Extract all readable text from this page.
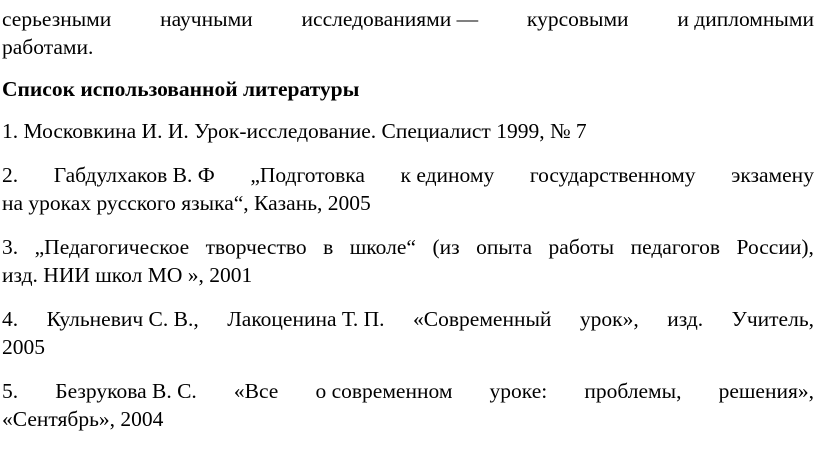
серьезными научными исследованиями — курсовыми и дипломными
работами.
Список использованной литературы
1. Московкина И. И. Урок-исследование. Специалист 1999, № 7
2. Габдулхаков В. Ф „Подготовка к единому государственному экзамену
на уроках русского языка“, Казань, 2005
3. „Педагогическое творчество в школе“ (из опыта работы педагогов России),
изд. НИИ школ МО », 2001
4. Кульневич С. В., Лакоценина Т. П. «Современный урок», изд. Учитель,
2005
5. Безрукова В. С. «Все о современном уроке: проблемы, решения»,
«Сентябрь», 2004
